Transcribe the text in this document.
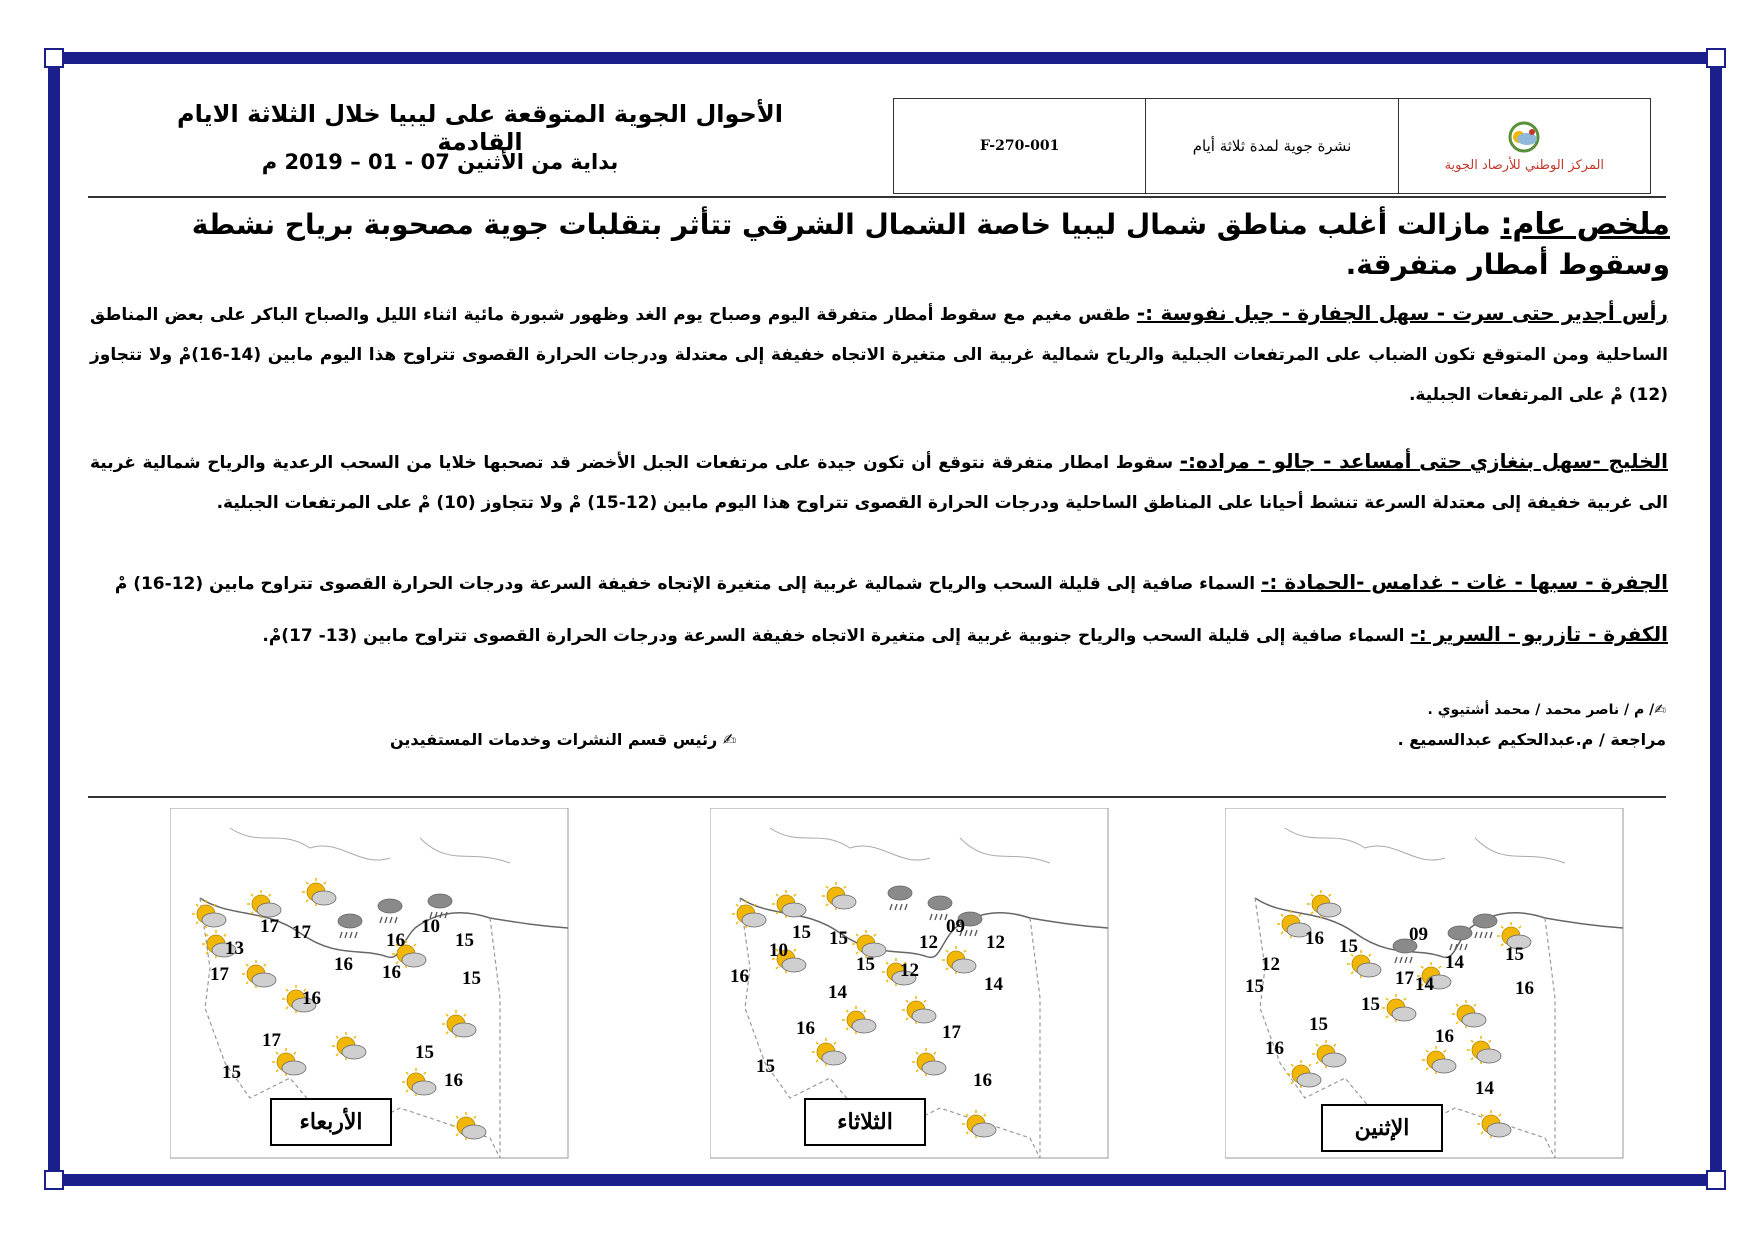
الأحوال الجوية المتوقعة على ليبيا خلال الثلاثة الايام القادمة
بداية من الأثنين 07 - 01 – 2019 م
F-270-001	نشرة جوية لمدة ثلاثة أيام
المركز الوطني للأرصاد الجوية
ملخص عام: مازالت أغلب مناطق شمال ليبيا خاصة الشمال الشرقي تتأثر بتقلبات جوية مصحوبة برياح نشطة وسقوط أمطار متفرقة.
رأس أجدير حتى سرت - سهل الجفارة - جبل نفوسة :- طقس مغيم مع سقوط أمطار متفرقة اليوم وصباح يوم الغد وظهور شبورة مائية اثناء الليل والصباح الباكر على بعض المناطق الساحلية ومن المتوقع تكون الضباب على المرتفعات الجبلية والرياح شمالية غربية الى متغيرة الاتجاه خفيفة إلى معتدلة ودرجات الحرارة القصوى تتراوح هذا اليوم مابين (14-16)مْ ولا تتجاوز (12) مْ على المرتفعات الجبلية.
الخليج -سهل بنغازي حتى أمساعد - جالو - مراده:- سقوط امطار متفرقة نتوقع أن تكون جيدة على مرتفعات الجبل الأخضر قد تصحبها خلايا من السحب الرعدية والرياح شمالية غربية الى غربية خفيفة إلى معتدلة السرعة تنشط أحيانا على المناطق الساحلية ودرجات الحرارة القصوى تتراوح هذا اليوم مابين (12-15) مْ ولا تتجاوز (10) مْ على المرتفعات الجبلية.
الجفرة - سبها - غات - غدامس -الحمادة :- السماء صافية إلى قليلة السحب والرياح شمالية غربية إلى متغيرة الإتجاه خفيفة السرعة ودرجات الحرارة القصوى تتراوح مابين (12-16) مْ
الكفرة - تازربو - السرير :- السماء صافية إلى قليلة السحب والرياح جنوبية غربية إلى متغيرة الاتجاه خفيفة السرعة ودرجات الحرارة القصوى تتراوح مابين (13- 17)مْ.
✍/ م / ناصر محمد / محمد أشتيوي .
مراجعة / م.عبدالحكيم عبدالسميع .
✍ رئيس قسم النشرات وخدمات المستفيدين
17 17
13
16
10
15
16
16
17	15
16
15
15
17
16
الأربعاء
15 15
10	12
09
12
16
15 12
14
14
16
15
17
16
الثلاثاء
16 15
12
09
14 15
17 14
15
16
15
15
16
16
14
الإثنين
